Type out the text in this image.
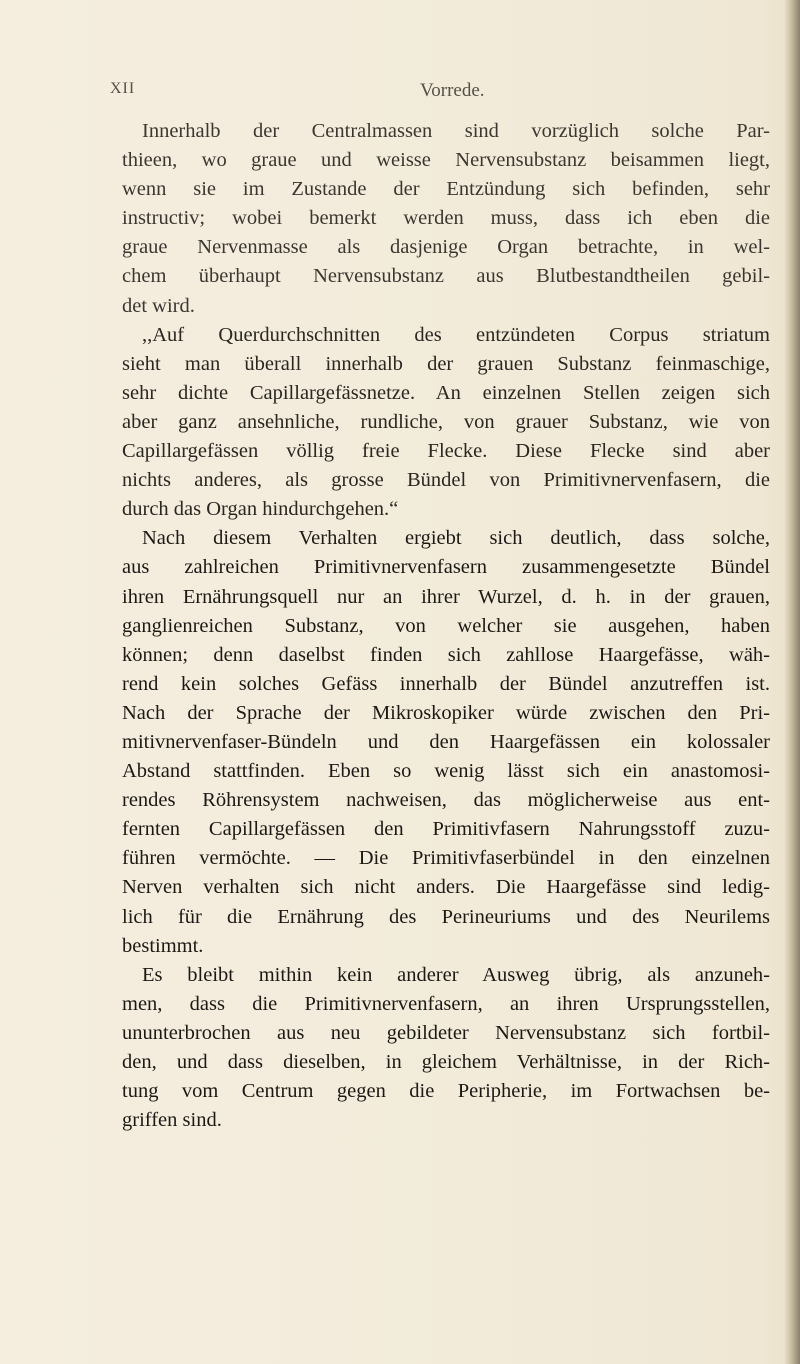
XII	Vorrede.
Innerhalb der Centralmassen sind vorzüglich solche Par-
thieen, wo graue und weisse Nervensubstanz beisammen liegt,
wenn sie im Zustande der Entzündung sich befinden, sehr
instructiv; wobei bemerkt werden muss, dass ich eben die
graue Nervenmasse als dasjenige Organ betrachte, in wel-
chem überhaupt Nervensubstanz aus Blutbestandtheilen gebil-
det wird.
,,Auf Querdurchschnitten des entzündeten Corpus striatum
sieht man überall innerhalb der grauen Substanz feinmaschige,
sehr dichte Capillargefässnetze. An einzelnen Stellen zeigen sich
aber ganz ansehnliche, rundliche, von grauer Substanz, wie von
Capillargefässen völlig freie Flecke. Diese Flecke sind aber
nichts anderes, als grosse Bündel von Primitivnervenfasern, die
durch das Organ hindurchgehen.“
Nach diesem Verhalten ergiebt sich deutlich, dass solche,
aus zahlreichen Primitivnervenfasern zusammengesetzte Bündel
ihren Ernährungsquell nur an ihrer Wurzel, d. h. in der grauen,
ganglienreichen Substanz, von welcher sie ausgehen, haben
können; denn daselbst finden sich zahllose Haargefässe, wäh-
rend kein solches Gefäss innerhalb der Bündel anzutreffen ist.
Nach der Sprache der Mikroskopiker würde zwischen den Pri-
mitivnervenfaser-Bündeln und den Haargefässen ein kolossaler
Abstand stattfinden. Eben so wenig lässt sich ein anastomosi-
rendes Röhrensystem nachweisen, das möglicherweise aus ent-
fernten Capillargefässen den Primitivfasern Nahrungsstoff zuzu-
führen vermöchte. — Die Primitivfaserbündel in den einzelnen
Nerven verhalten sich nicht anders. Die Haargefässe sind ledig-
lich für die Ernährung des Perineuriums und des Neurilems
bestimmt.
Es bleibt mithin kein anderer Ausweg übrig, als anzuneh-
men, dass die Primitivnervenfasern, an ihren Ursprungsstellen,
ununterbrochen aus neu gebildeter Nervensubstanz sich fortbil-
den, und dass dieselben, in gleichem Verhältnisse, in der Rich-
tung vom Centrum gegen die Peripherie, im Fortwachsen be-
griffen sind.
